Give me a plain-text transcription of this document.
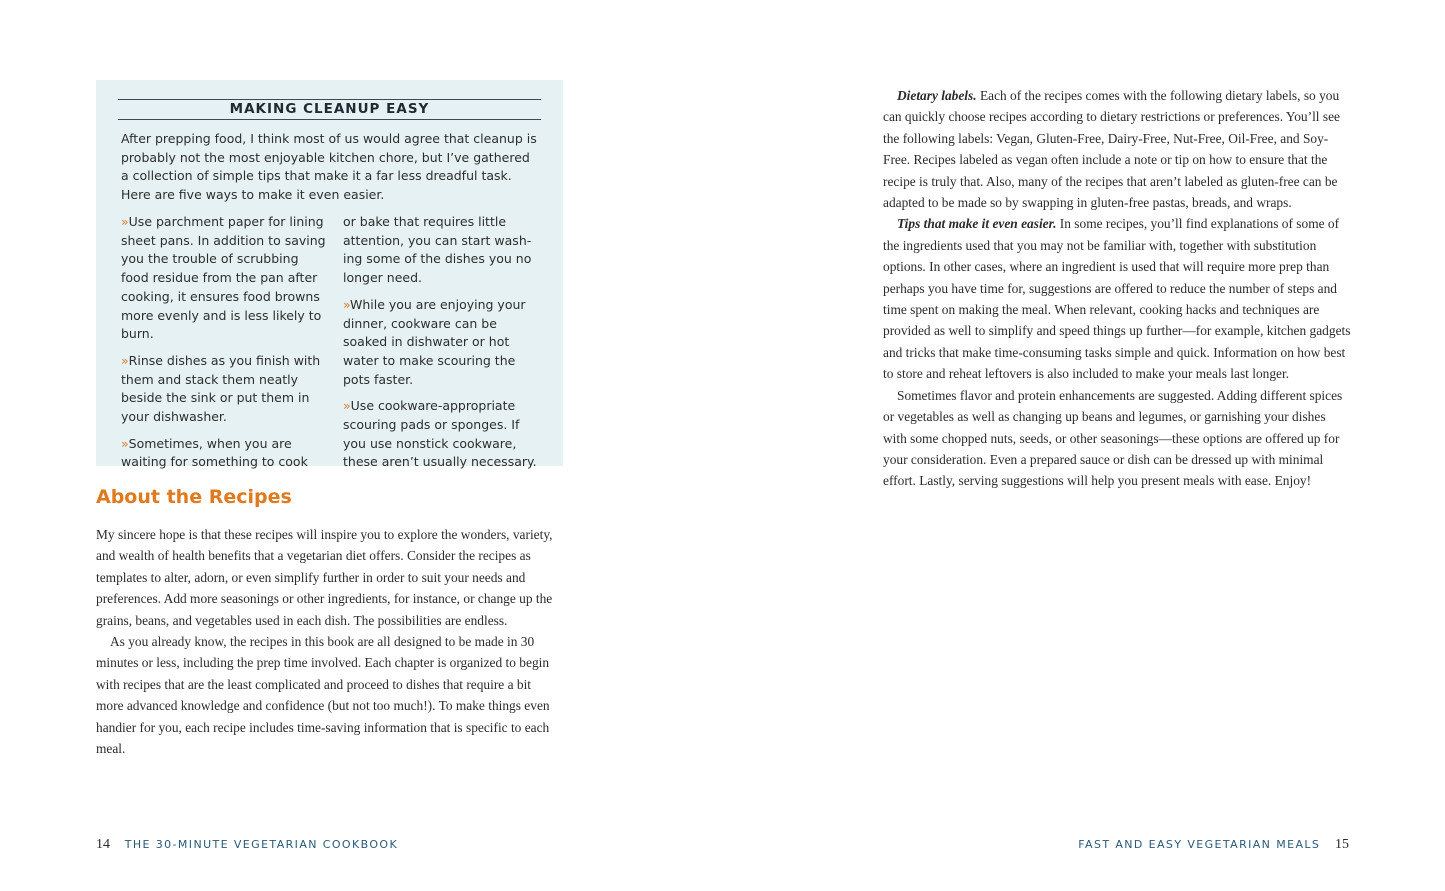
MAKING CLEANUP EASY
After prepping food, I think most of us would agree that cleanup is probably not the most enjoyable kitchen chore, but I’ve gathered a collection of simple tips that make it a far less dreadful task. Here are five ways to make it even easier.

»Use parchment paper for lining sheet pans. In addition to saving you the trouble of scrubbing food residue from the pan after cooking, it ensures food browns more evenly and is less likely to burn.

»Rinse dishes as you finish with them and stack them neatly beside the sink or put them in your dishwasher.

»Sometimes, when you are waiting for something to cook

or bake that requires little attention, you can start washing some of the dishes you no longer need.

»While you are enjoying your dinner, cookware can be soaked in dishwater or hot water to make scouring the pots faster.

»Use cookware-appropriate scouring pads or sponges. If you use nonstick cookware, these aren’t usually necessary.

About the Recipes

My sincere hope is that these recipes will inspire you to explore the wonders, variety, and wealth of health benefits that a vegetarian diet offers. Consider the recipes as templates to alter, adorn, or even simplify further in order to suit your needs and preferences. Add more seasonings or other ingredients, for instance, or change up the grains, beans, and vegetables used in each dish. The possibilities are endless.

As you already know, the recipes in this book are all designed to be made in 30 minutes or less, including the prep time involved. Each chapter is organized to begin with recipes that are the least complicated and proceed to dishes that require a bit more advanced knowledge and confidence (but not too much!). To make things even handier for you, each recipe includes time-saving information that is specific to each meal.

14 THE 30-MINUTE VEGETARIAN COOKBOOK

Dietary labels. Each of the recipes comes with the following dietary labels, so you can quickly choose recipes according to dietary restrictions or preferences. You’ll see the following labels: Vegan, Gluten-Free, Dairy-Free, Nut-Free, Oil-Free, and Soy-Free. Recipes labeled as vegan often include a note or tip on how to ensure that the recipe is truly that. Also, many of the recipes that aren’t labeled as gluten-free can be adapted to be made so by swapping in gluten-free pastas, breads, and wraps.

Tips that make it even easier. In some recipes, you’ll find explanations of some of the ingredients used that you may not be familiar with, together with substitution options. In other cases, where an ingredient is used that will require more prep than perhaps you have time for, suggestions are offered to reduce the number of steps and time spent on making the meal. When relevant, cooking hacks and techniques are provided as well to simplify and speed things up further—for example, kitchen gadgets and tricks that make time-consuming tasks simple and quick. Information on how best to store and reheat leftovers is also included to make your meals last longer.

Sometimes flavor and protein enhancements are suggested. Adding different spices or vegetables as well as changing up beans and legumes, or garnishing your dishes with some chopped nuts, seeds, or other seasonings—these options are offered up for your consideration. Even a prepared sauce or dish can be dressed up with minimal effort. Lastly, serving suggestions will help you present meals with ease. Enjoy!

FAST AND EASY VEGETARIAN MEALS 15
